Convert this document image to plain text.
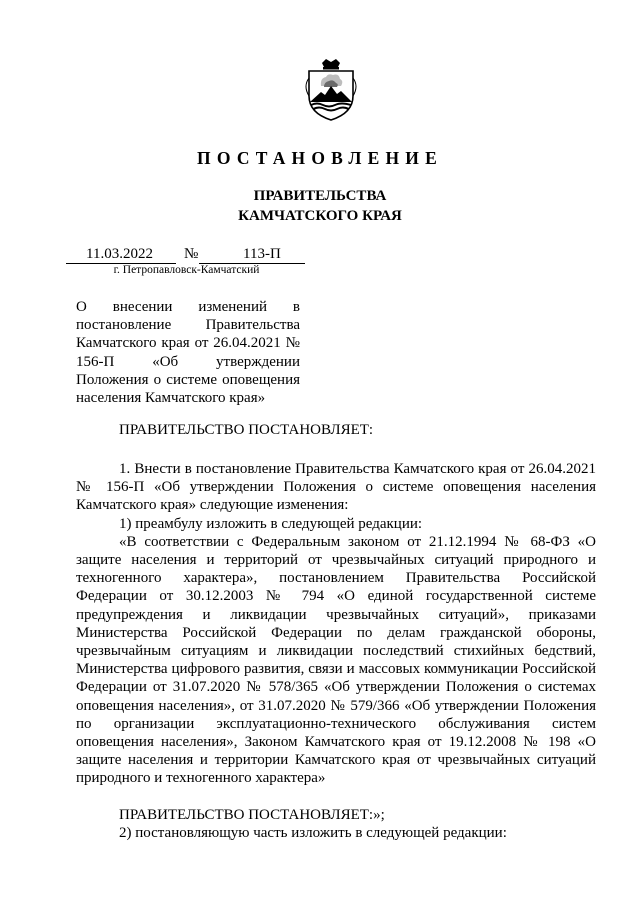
ПОСТАНОВЛЕНИЕ
ПРАВИТЕЛЬСТВА
КАМЧАТСКОГО КРАЯ
11.03.2022 №	113-П
г. Петропавловск-Камчатский
О внесении изменений в постановление Правительства Камчатского края от 26.04.2021 № 156-П «Об утверждении Положения о системе оповещения населения Камчатского края»
ПРАВИТЕЛЬСТВО ПОСТАНОВЛЯЕТ:

1. Внести в постановление Правительства Камчатского края от 26.04.2021 № 156-П «Об утверждении Положения о системе оповещения населения Камчатского края» следующие изменения:

1) преамбулу изложить в следующей редакции:

«В соответствии с Федеральным законом от 21.12.1994 № 68-ФЗ «О защите населения и территорий от чрезвычайных ситуаций природного и техногенного характера», постановлением Правительства Российской Федерации от 30.12.2003 № 794 «О единой государственной системе предупреждения и ликвидации чрезвычайных ситуаций», приказами Министерства Российской Федерации по делам гражданской обороны, чрезвычайным ситуациям и ликвидации последствий стихийных бедствий, Министерства цифрового развития, связи и массовых коммуникации Российской Федерации от 31.07.2020 № 578/365 «Об утверждении Положения о системах оповещения населения», от 31.07.2020 № 579/366 «Об утверждении Положения по организации эксплуатационно-технического обслуживания систем оповещения населения», Законом Камчатского края от 19.12.2008 № 198 «О защите населения и территории Камчатского края от чрезвычайных ситуаций природного и техногенного характера»

ПРАВИТЕЛЬСТВО ПОСТАНОВЛЯЕТ:»;

2) постановляющую часть изложить в следующей редакции:
